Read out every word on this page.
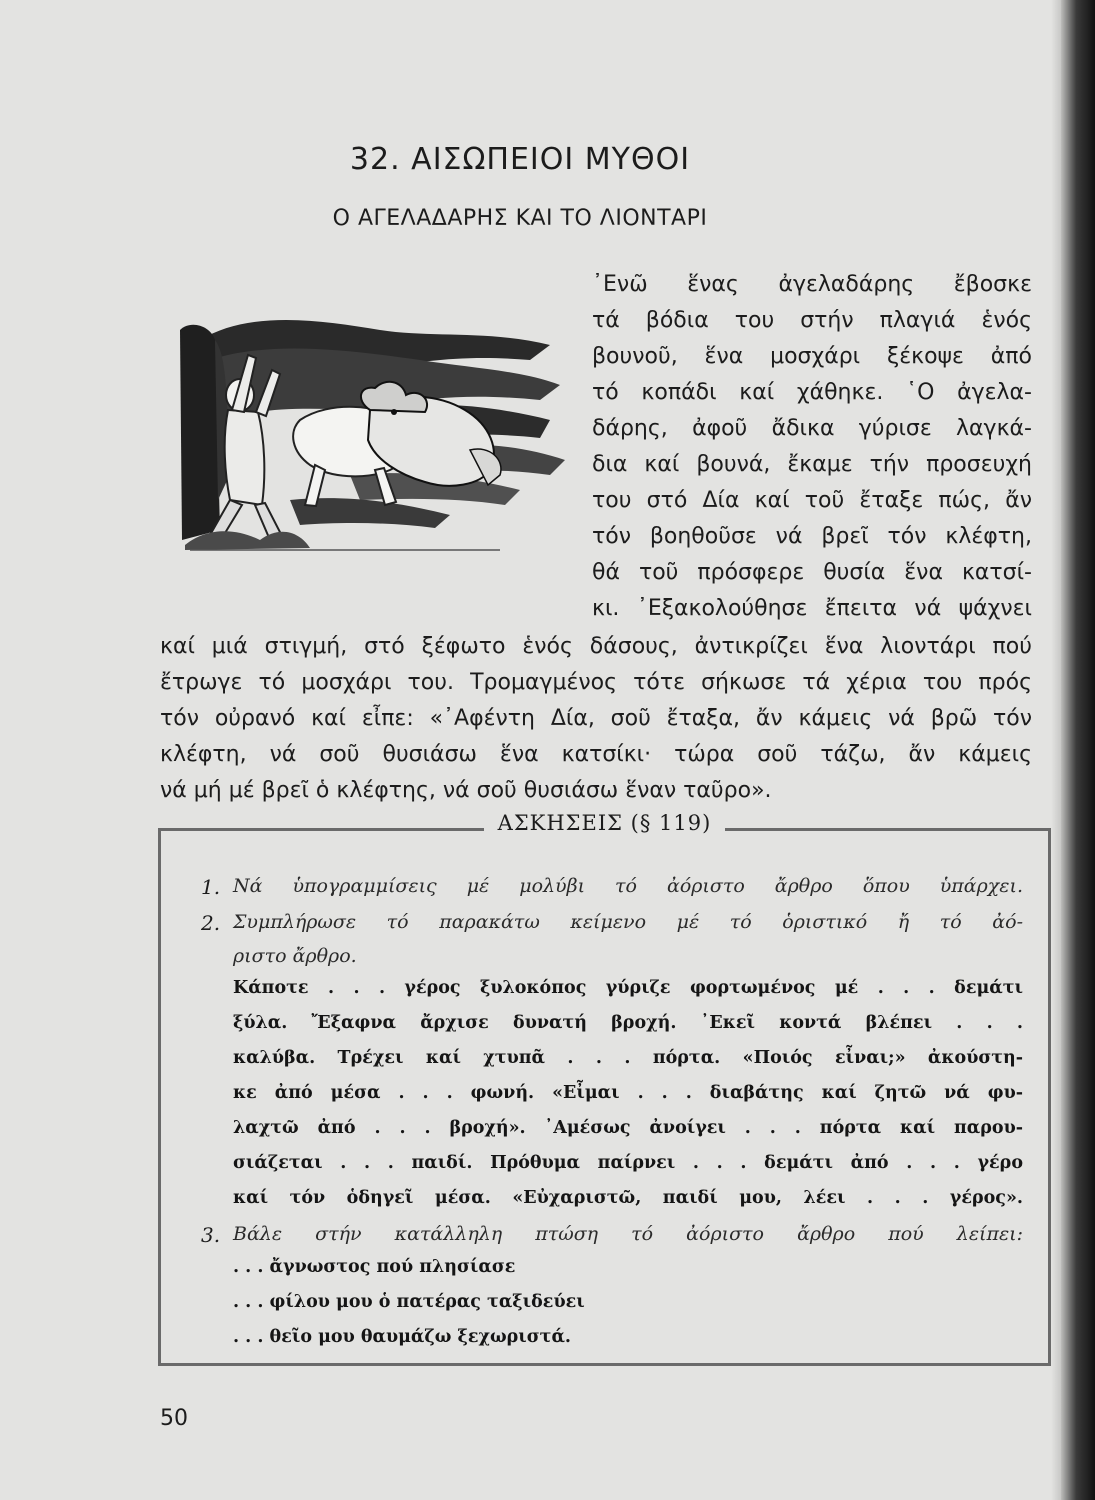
32. ΑΙΣΩΠΕΙΟΙ ΜΥΘΟΙ
Ο ΑΓΕΛΑΔΑΡΗΣ ΚΑΙ ΤΟ ΛΙΟΝΤΑΡΙ

᾿Ενῶ ἕνας ἀγελαδάρης ἔβοσκε

τά βόδια του στήν πλαγιά ἑνός

βουνοῦ, ἕνα μοσχάρι ξέκοψε ἀπό

τό κοπάδι καί χάθηκε. ῾Ο ἀγελα-

δάρης, ἀφοῦ ἄδικα γύρισε λαγκά-

δια καί βουνά, ἔκαμε τήν προσευχή

του στό Δία καί τοῦ ἔταξε πώς, ἄν

τόν βοηθοῦσε νά βρεῖ τόν κλέφτη,

θά τοῦ πρόσφερε θυσία ἕνα κατσί-

κι. ᾿Εξακολούθησε ἔπειτα νά ψάχνει

καί μιά στιγμή, στό ξέφωτο ἑνός δάσους, ἀντικρίζει ἕνα λιοντάρι πού

ἔτρωγε τό μοσχάρι του. Τρομαγμένος τότε σήκωσε τά χέρια του πρός

τόν οὐρανό καί εἶπε: «᾿Αφέντη Δία, σοῦ ἔταξα, ἄν κάμεις νά βρῶ τόν

κλέφτη, νά σοῦ θυσιάσω ἕνα κατσίκι· τώρα σοῦ τάζω, ἄν κάμεις

νά μή μέ βρεῖ ὁ κλέφτης, νά σοῦ θυσιάσω ἕναν ταῦρο».

ΑΣΚΗΣΕΙΣ (§ 119)
1. Νά ὑπογραμμίσεις μέ μολύβι τό ἀόριστο ἄρθρο ὅπου ὑπάρχει.

2. Συμπλήρωσε τό παρακάτω κείμενο μέ τό ὁριστικό ἤ τό ἀό-

ριστο ἄρθρο.

Κάποτε . . . γέρος ξυλοκόπος γύριζε φορτωμένος μέ . . . δεμάτι

ξύλα. Ἔξαφνα ἄρχισε δυνατή βροχή. ᾿Εκεῖ κοντά βλέπει . . .

καλύβα. Τρέχει καί χτυπᾶ . . . πόρτα. «Ποιός εἶναι;» ἀκούστη-

κε ἀπό μέσα . . . φωνή. «Εἶμαι . . . διαβάτης καί ζητῶ νά φυ-

λαχτῶ ἀπό . . . βροχή». ᾿Αμέσως ἀνοίγει . . . πόρτα καί παρου-

σιάζεται . . . παιδί. Πρόθυμα παίρνει . . . δεμάτι ἀπό . . . γέρο

καί τόν ὁδηγεῖ μέσα. «Εὐχαριστῶ, παιδί μου, λέει . . . γέρος».

3. Βάλε στήν κατάλληλη πτώση τό ἀόριστο ἄρθρο πού λείπει:

. . . ἄγνωστος πού πλησίασε

. . . φίλου μου ὁ πατέρας ταξιδεύει

. . . θεῖο μου θαυμάζω ξεχωριστά.

50
